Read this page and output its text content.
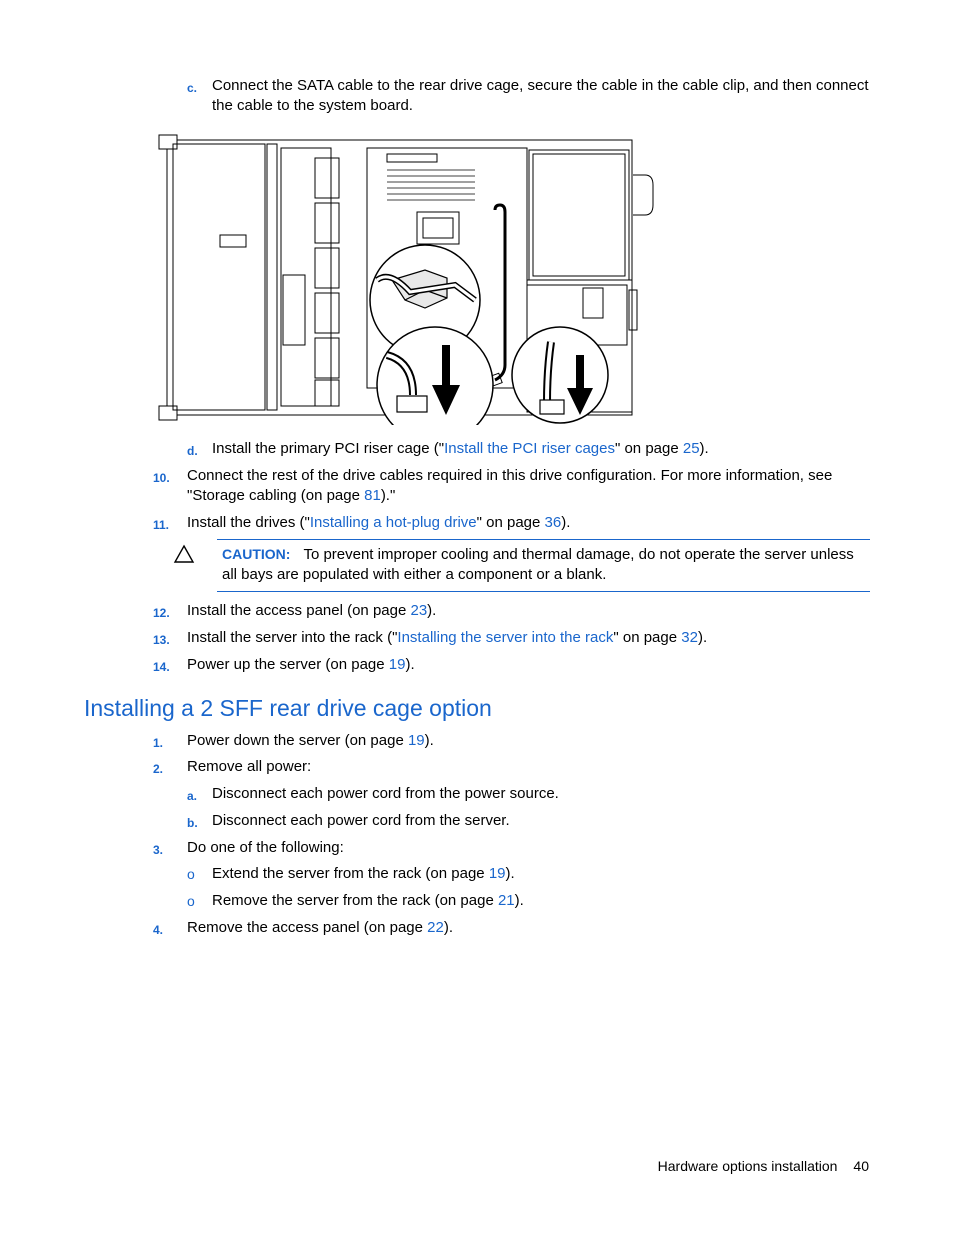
c. Connect the SATA cable to the rear drive cage, secure the cable in the cable clip, and then connect
the cable to the system board.
d. Install the primary PCI riser cage ("Install the PCI riser cages" on page 25).
10. Connect the rest of the drive cables required in this drive configuration. For more information, see
"Storage cabling (on page 81)."
11. Install the drives ("Installing a hot-plug drive" on page 36).
CAUTION: To prevent improper cooling and thermal damage, do not operate the server unless
all bays are populated with either a component or a blank.
12. Install the access panel (on page 23).
13. Install the server into the rack ("Installing the server into the rack" on page 32).
14. Power up the server (on page 19).
Installing a 2 SFF rear drive cage option
1. Power down the server (on page 19).
2. Remove all power:
a. Disconnect each power cord from the power source.
b. Disconnect each power cord from the server.
3. Do one of the following:
o Extend the server from the rack (on page 19).
o Remove the server from the rack (on page 21).
4. Remove the access panel (on page 22).
Hardware options installation 40
